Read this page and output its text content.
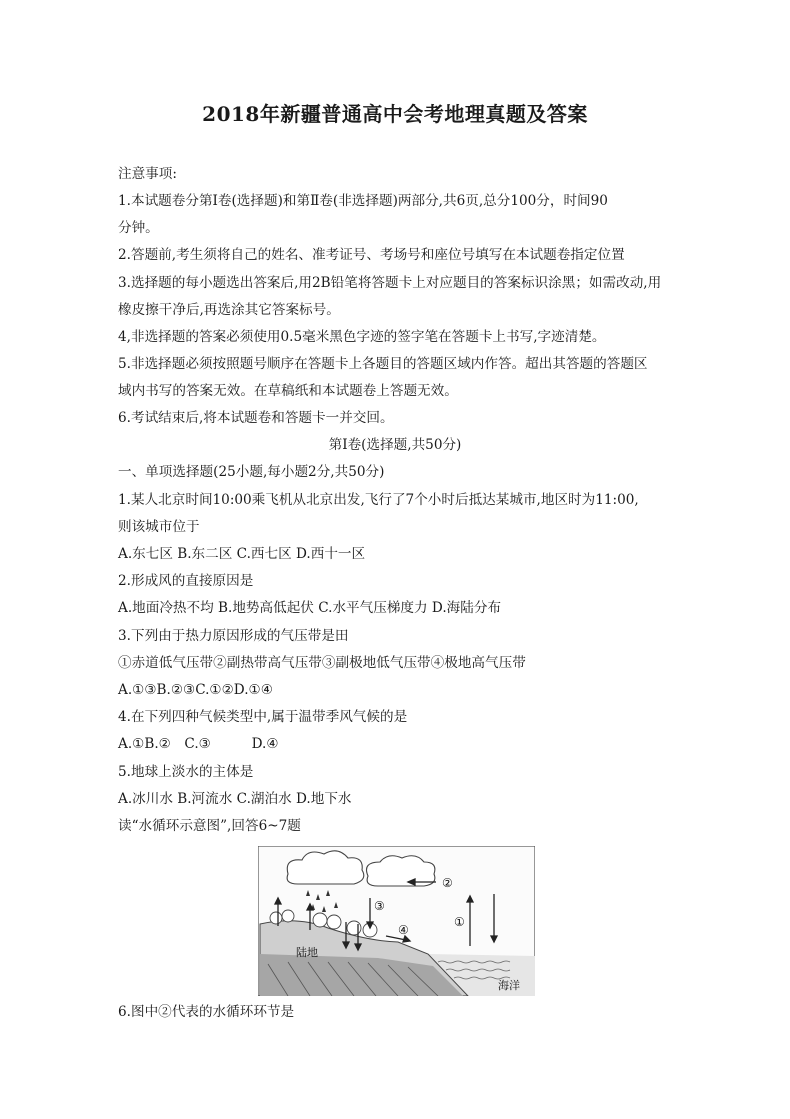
2018年新疆普通高中会考地理真题及答案
注意事项:
1.本试题卷分第Ⅰ卷(选择题)和第Ⅱ卷(非选择题)两部分,共6页,总分100分，时间90
分钟。
2.答题前,考生须将自己的姓名、准考证号、考场号和座位号填写在本试题卷指定位置
3.选择题的每小题选出答案后,用2B铅笔将答题卡上对应题目的答案标识涂黑；如需改动,用
橡皮擦干净后,再选涂其它答案标号。
4,非选择题的答案必须使用0.5毫米黑色字迹的签字笔在答题卡上书写,字迹清楚。
5.非选择题必须按照题号顺序在答题卡上各题目的答题区域内作答。超出其答题的答题区
域内书写的答案无效。在草稿纸和本试题卷上答题无效。
6.考试结束后,将本试题卷和答题卡一并交回。
第Ⅰ卷(选择题,共50分)
一、单项选择题(25小题,每小题2分,共50分)
1.某人北京时间10:00乘飞机从北京出发,飞行了7个小时后抵达某城市,地区时为11:00,
则该城市位于
A.东七区 B.东二区 C.西七区 D.西十一区
2.形成风的直接原因是
A.地面冷热不均 B.地势高低起伏 C.水平气压梯度力 D.海陆分布
3.下列由于热力原因形成的气压带是田
①赤道低气压带②副热带高气压带③副极地低气压带④极地高气压带
A.①③B.②③C.①②D.①④
4.在下列四种气候类型中,属于温带季风气候的是
A.①B.②　C.③　　　D.④
5.地球上淡水的主体是
A.冰川水 B.河流水 C.湖泊水 D.地下水
读“水循环示意图”,回答6~7题
②
③
④
①
陆地
海洋
6.图中②代表的水循环环节是
